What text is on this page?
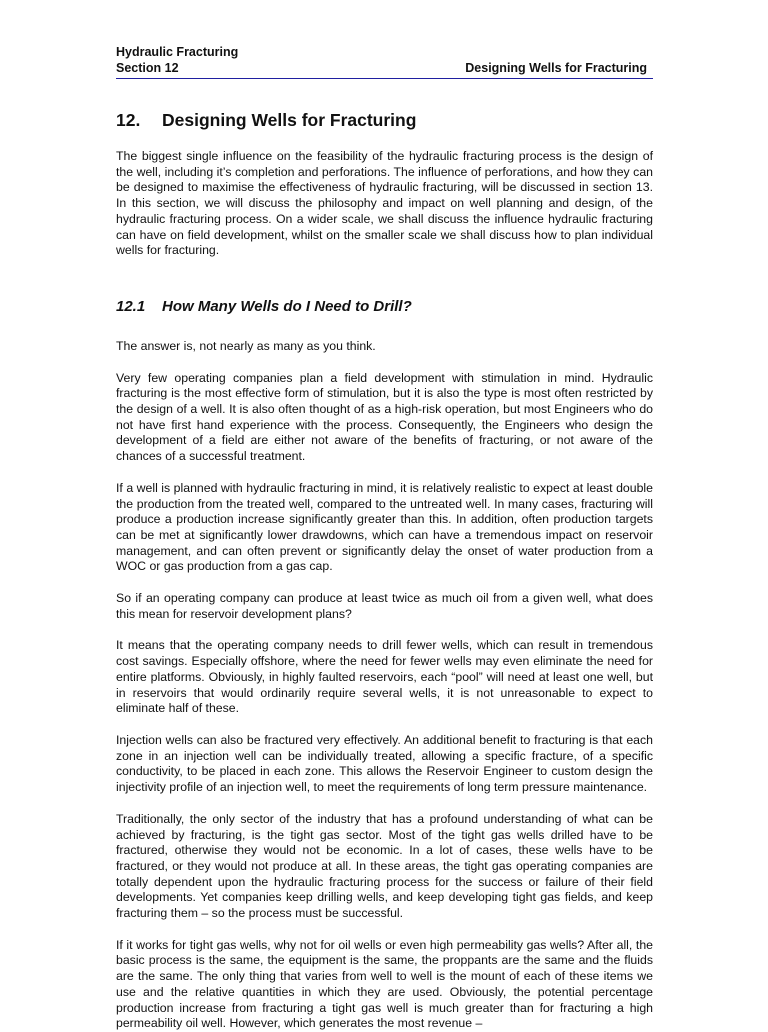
Hydraulic Fracturing
Section 12	Designing Wells for Fracturing
12. Designing Wells for Fracturing

The biggest single influence on the feasibility of the hydraulic fracturing process is the design of the well, including it’s completion and perforations. The influence of perforations, and how they can be designed to maximise the effectiveness of hydraulic fracturing, will be discussed in section 13. In this section, we will discuss the philosophy and impact on well planning and design, of the hydraulic fracturing process. On a wider scale, we shall discuss the influence hydraulic fracturing can have on field development, whilst on the smaller scale we shall discuss how to plan individual wells for fracturing.

12.1 How Many Wells do I Need to Drill?

The answer is, not nearly as many as you think.

Very few operating companies plan a field development with stimulation in mind. Hydraulic fracturing is the most effective form of stimulation, but it is also the type is most often restricted by the design of a well. It is also often thought of as a high-risk operation, but most Engineers who do not have first hand experience with the process. Consequently, the Engineers who design the development of a field are either not aware of the benefits of fracturing, or not aware of the chances of a successful treatment.

If a well is planned with hydraulic fracturing in mind, it is relatively realistic to expect at least double the production from the treated well, compared to the untreated well. In many cases, fracturing will produce a production increase significantly greater than this. In addition, often production targets can be met at significantly lower drawdowns, which can have a tremendous impact on reservoir management, and can often prevent or significantly delay the onset of water production from a WOC or gas production from a gas cap.

So if an operating company can produce at least twice as much oil from a given well, what does this mean for reservoir development plans?

It means that the operating company needs to drill fewer wells, which can result in tremendous cost savings. Especially offshore, where the need for fewer wells may even eliminate the need for entire platforms. Obviously, in highly faulted reservoirs, each “pool” will need at least one well, but in reservoirs that would ordinarily require several wells, it is not unreasonable to expect to eliminate half of these.

Injection wells can also be fractured very effectively. An additional benefit to fracturing is that each zone in an injection well can be individually treated, allowing a specific fracture, of a specific conductivity, to be placed in each zone. This allows the Reservoir Engineer to custom design the injectivity profile of an injection well, to meet the requirements of long term pressure maintenance.

Traditionally, the only sector of the industry that has a profound understanding of what can be achieved by fracturing, is the tight gas sector. Most of the tight gas wells drilled have to be fractured, otherwise they would not be economic. In a lot of cases, these wells have to be fractured, or they would not produce at all. In these areas, the tight gas operating companies are totally dependent upon the hydraulic fracturing process for the success or failure of their field developments. Yet companies keep drilling wells, and keep developing tight gas fields, and keep fracturing them – so the process must be successful.

If it works for tight gas wells, why not for oil wells or even high permeability gas wells? After all, the basic process is the same, the equipment is the same, the proppants are the same and the fluids are the same. The only thing that varies from well to well is the mount of each of these items we use and the relative quantities in which they are used. Obviously, the potential percentage production increase from fracturing a tight gas well is much greater than for fracturing a high permeability oil well. However, which generates the most revenue –
